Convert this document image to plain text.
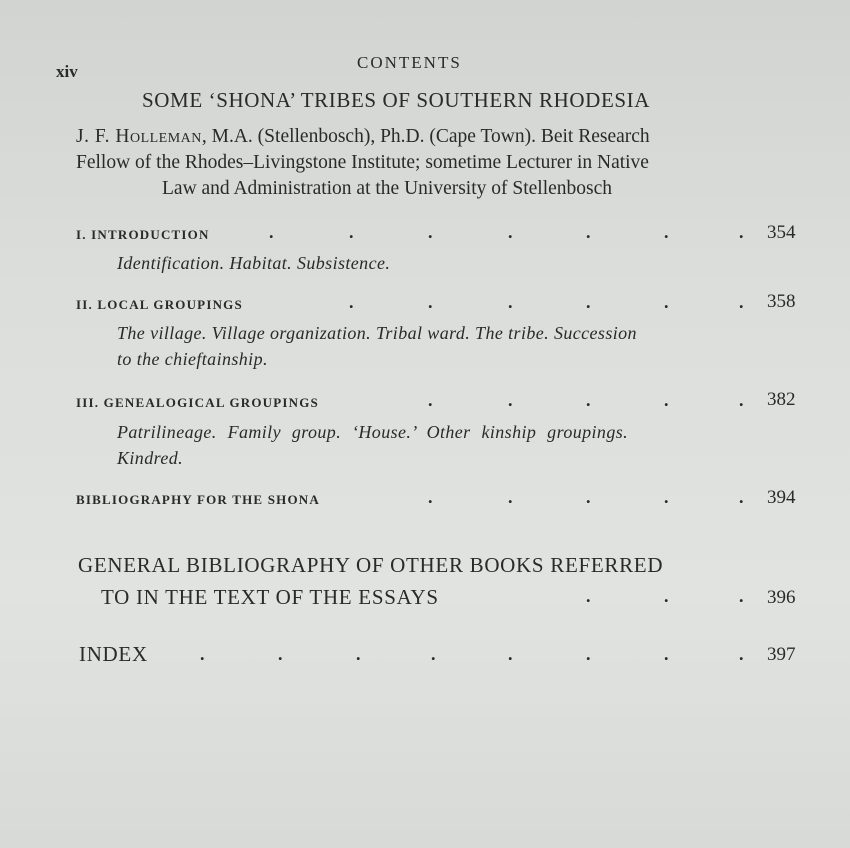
xiv	CONTENTS
SOME ‘SHONA’ TRIBES OF SOUTHERN RHODESIA
J. F. Holleman, M.A. (Stellenbosch), Ph.D. (Cape Town). Beit Research
Fellow of the Rhodes–Livingstone Institute; sometime Lecturer in Native
Law and Administration at the University of Stellenbosch
I. INTRODUCTION	.	.	.	.	.	.	. 354
Identification. Habitat. Subsistence.
II. LOCAL GROUPINGS	.	.	.	.	.	. 358
The village. Village organization. Tribal ward. The tribe. Succession
to the chieftainship.
III. GENEALOGICAL GROUPINGS	.	.	.	.	. 382
Patrilineage. Family group. ‘House.’ Other kinship groupings.
Kindred.
BIBLIOGRAPHY FOR THE SHONA	.	.	.	.	. 394
GENERAL BIBLIOGRAPHY OF OTHER BOOKS REFERRED
TO IN THE TEXT OF THE ESSAYS	.	.	. 396
INDEX	.	.	.	.	.	.	.	. 397
